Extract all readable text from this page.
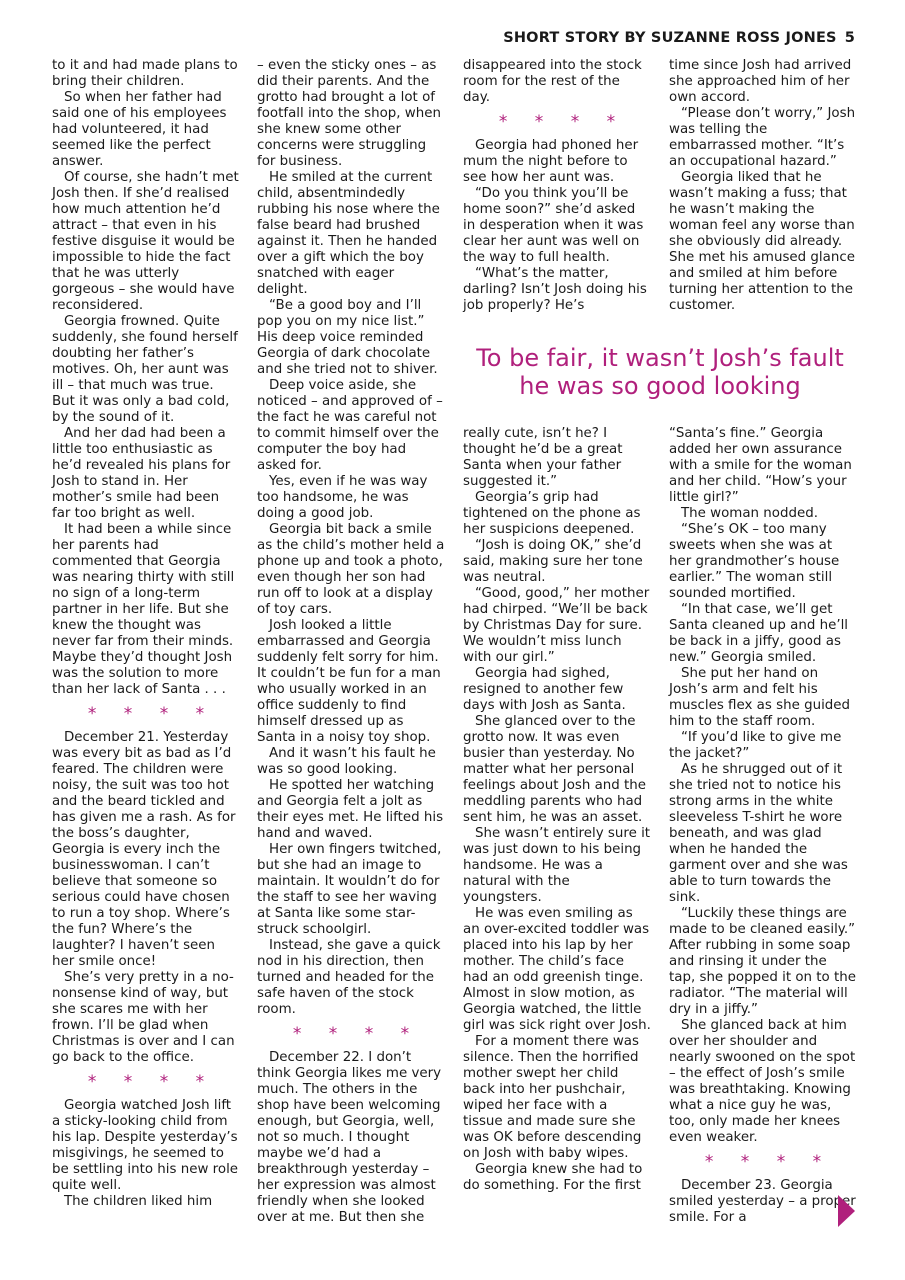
SHORT STORY BY SUZANNE ROSS JONES 5

to it and had made plans to bring their children.

So when her father had said one of his employees had volunteered, it had seemed like the perfect answer.

Of course, she hadn’t met Josh then. If she’d realised how much attention he’d attract – that even in his festive disguise it would be impossible to hide the fact that he was utterly gorgeous – she would have reconsidered.

Georgia frowned. Quite suddenly, she found herself doubting her father’s motives. Oh, her aunt was ill – that much was true. But it was only a bad cold, by the sound of it.

And her dad had been a little too enthusiastic as he’d revealed his plans for Josh to stand in. Her mother’s smile had been far too bright as well.

It had been a while since her parents had commented that Georgia was nearing thirty with still no sign of a long-term partner in her life. But she knew the thought was never far from their minds. Maybe they’d thought Josh was the solution to more than her lack of Santa . . .

* * * *

December 21. Yesterday was every bit as bad as I’d feared. The children were noisy, the suit was too hot and the beard tickled and has given me a rash. As for the boss’s daughter, Georgia is every inch the businesswoman. I can’t believe that someone so serious could have chosen to run a toy shop. Where’s the fun? Where’s the laughter? I haven’t seen her smile once!

She’s very pretty in a no-nonsense kind of way, but she scares me with her frown. I’ll be glad when Christmas is over and I can go back to the office.

* * * *

Georgia watched Josh lift a sticky-looking child from his lap. Despite yesterday’s misgivings, he seemed to be settling into his new role quite well.

The children liked him

– even the sticky ones – as did their parents. And the grotto had brought a lot of footfall into the shop, when she knew some other concerns were struggling for business.

He smiled at the current child, absentmindedly rubbing his nose where the false beard had brushed against it. Then he handed over a gift which the boy snatched with eager delight.

“Be a good boy and I’ll pop you on my nice list.” His deep voice reminded Georgia of dark chocolate and she tried not to shiver.

Deep voice aside, she noticed – and approved of – the fact he was careful not to commit himself over the computer the boy had asked for.

Yes, even if he was way too handsome, he was doing a good job.

Georgia bit back a smile as the child’s mother held a phone up and took a photo, even though her son had run off to look at a display of toy cars.

Josh looked a little embarrassed and Georgia suddenly felt sorry for him. It couldn’t be fun for a man who usually worked in an office suddenly to find himself dressed up as Santa in a noisy toy shop.

And it wasn’t his fault he was so good looking.

He spotted her watching and Georgia felt a jolt as their eyes met. He lifted his hand and waved.

Her own fingers twitched, but she had an image to maintain. It wouldn’t do for the staff to see her waving at Santa like some star-struck schoolgirl.

Instead, she gave a quick nod in his direction, then turned and headed for the safe haven of the stock room.

* * * *

December 22. I don’t think Georgia likes me very much. The others in the shop have been welcoming enough, but Georgia, well, not so much. I thought maybe we’d had a breakthrough yesterday – her expression was almost friendly when she looked over at me. But then she

disappeared into the stock room for the rest of the day.

* * * *

Georgia had phoned her mum the night before to see how her aunt was.

“Do you think you’ll be home soon?” she’d asked in desperation when it was clear her aunt was well on the way to full health.

“What’s the matter, darling? Isn’t Josh doing his job properly? He’s

time since Josh had arrived she approached him of her own accord.

“Please don’t worry,” Josh was telling the embarrassed mother. “It’s an occupational hazard.”

Georgia liked that he wasn’t making a fuss; that he wasn’t making the woman feel any worse than she obviously did already. She met his amused glance and smiled at him before turning her attention to the customer.

To be fair, it wasn’t Josh’s fault he was so good looking

really cute, isn’t he? I thought he’d be a great Santa when your father suggested it.”

Georgia’s grip had tightened on the phone as her suspicions deepened.

“Josh is doing OK,” she’d said, making sure her tone was neutral.

“Good, good,” her mother had chirped. “We’ll be back by Christmas Day for sure. We wouldn’t miss lunch with our girl.”

Georgia had sighed, resigned to another few days with Josh as Santa.

She glanced over to the grotto now. It was even busier than yesterday. No matter what her personal feelings about Josh and the meddling parents who had sent him, he was an asset.

She wasn’t entirely sure it was just down to his being handsome. He was a natural with the youngsters.

He was even smiling as an over-excited toddler was placed into his lap by her mother. The child’s face had an odd greenish tinge. Almost in slow motion, as Georgia watched, the little girl was sick right over Josh.

For a moment there was silence. Then the horrified mother swept her child back into her pushchair, wiped her face with a tissue and made sure she was OK before descending on Josh with baby wipes.

Georgia knew she had to do something. For the first

“Santa’s fine.” Georgia added her own assurance with a smile for the woman and her child. “How’s your little girl?”

The woman nodded.

“She’s OK – too many sweets when she was at her grandmother’s house earlier.” The woman still sounded mortified.

“In that case, we’ll get Santa cleaned up and he’ll be back in a jiffy, good as new.” Georgia smiled.

She put her hand on Josh’s arm and felt his muscles flex as she guided him to the staff room.

“If you’d like to give me the jacket?”

As he shrugged out of it she tried not to notice his strong arms in the white sleeveless T-shirt he wore beneath, and was glad when he handed the garment over and she was able to turn towards the sink.

“Luckily these things are made to be cleaned easily.” After rubbing in some soap and rinsing it under the tap, she popped it on to the radiator. “The material will dry in a jiffy.”

She glanced back at him over her shoulder and nearly swooned on the spot – the effect of Josh’s smile was breathtaking. Knowing what a nice guy he was, too, only made her knees even weaker.

* * * *

December 23. Georgia smiled yesterday – a proper smile. For a
